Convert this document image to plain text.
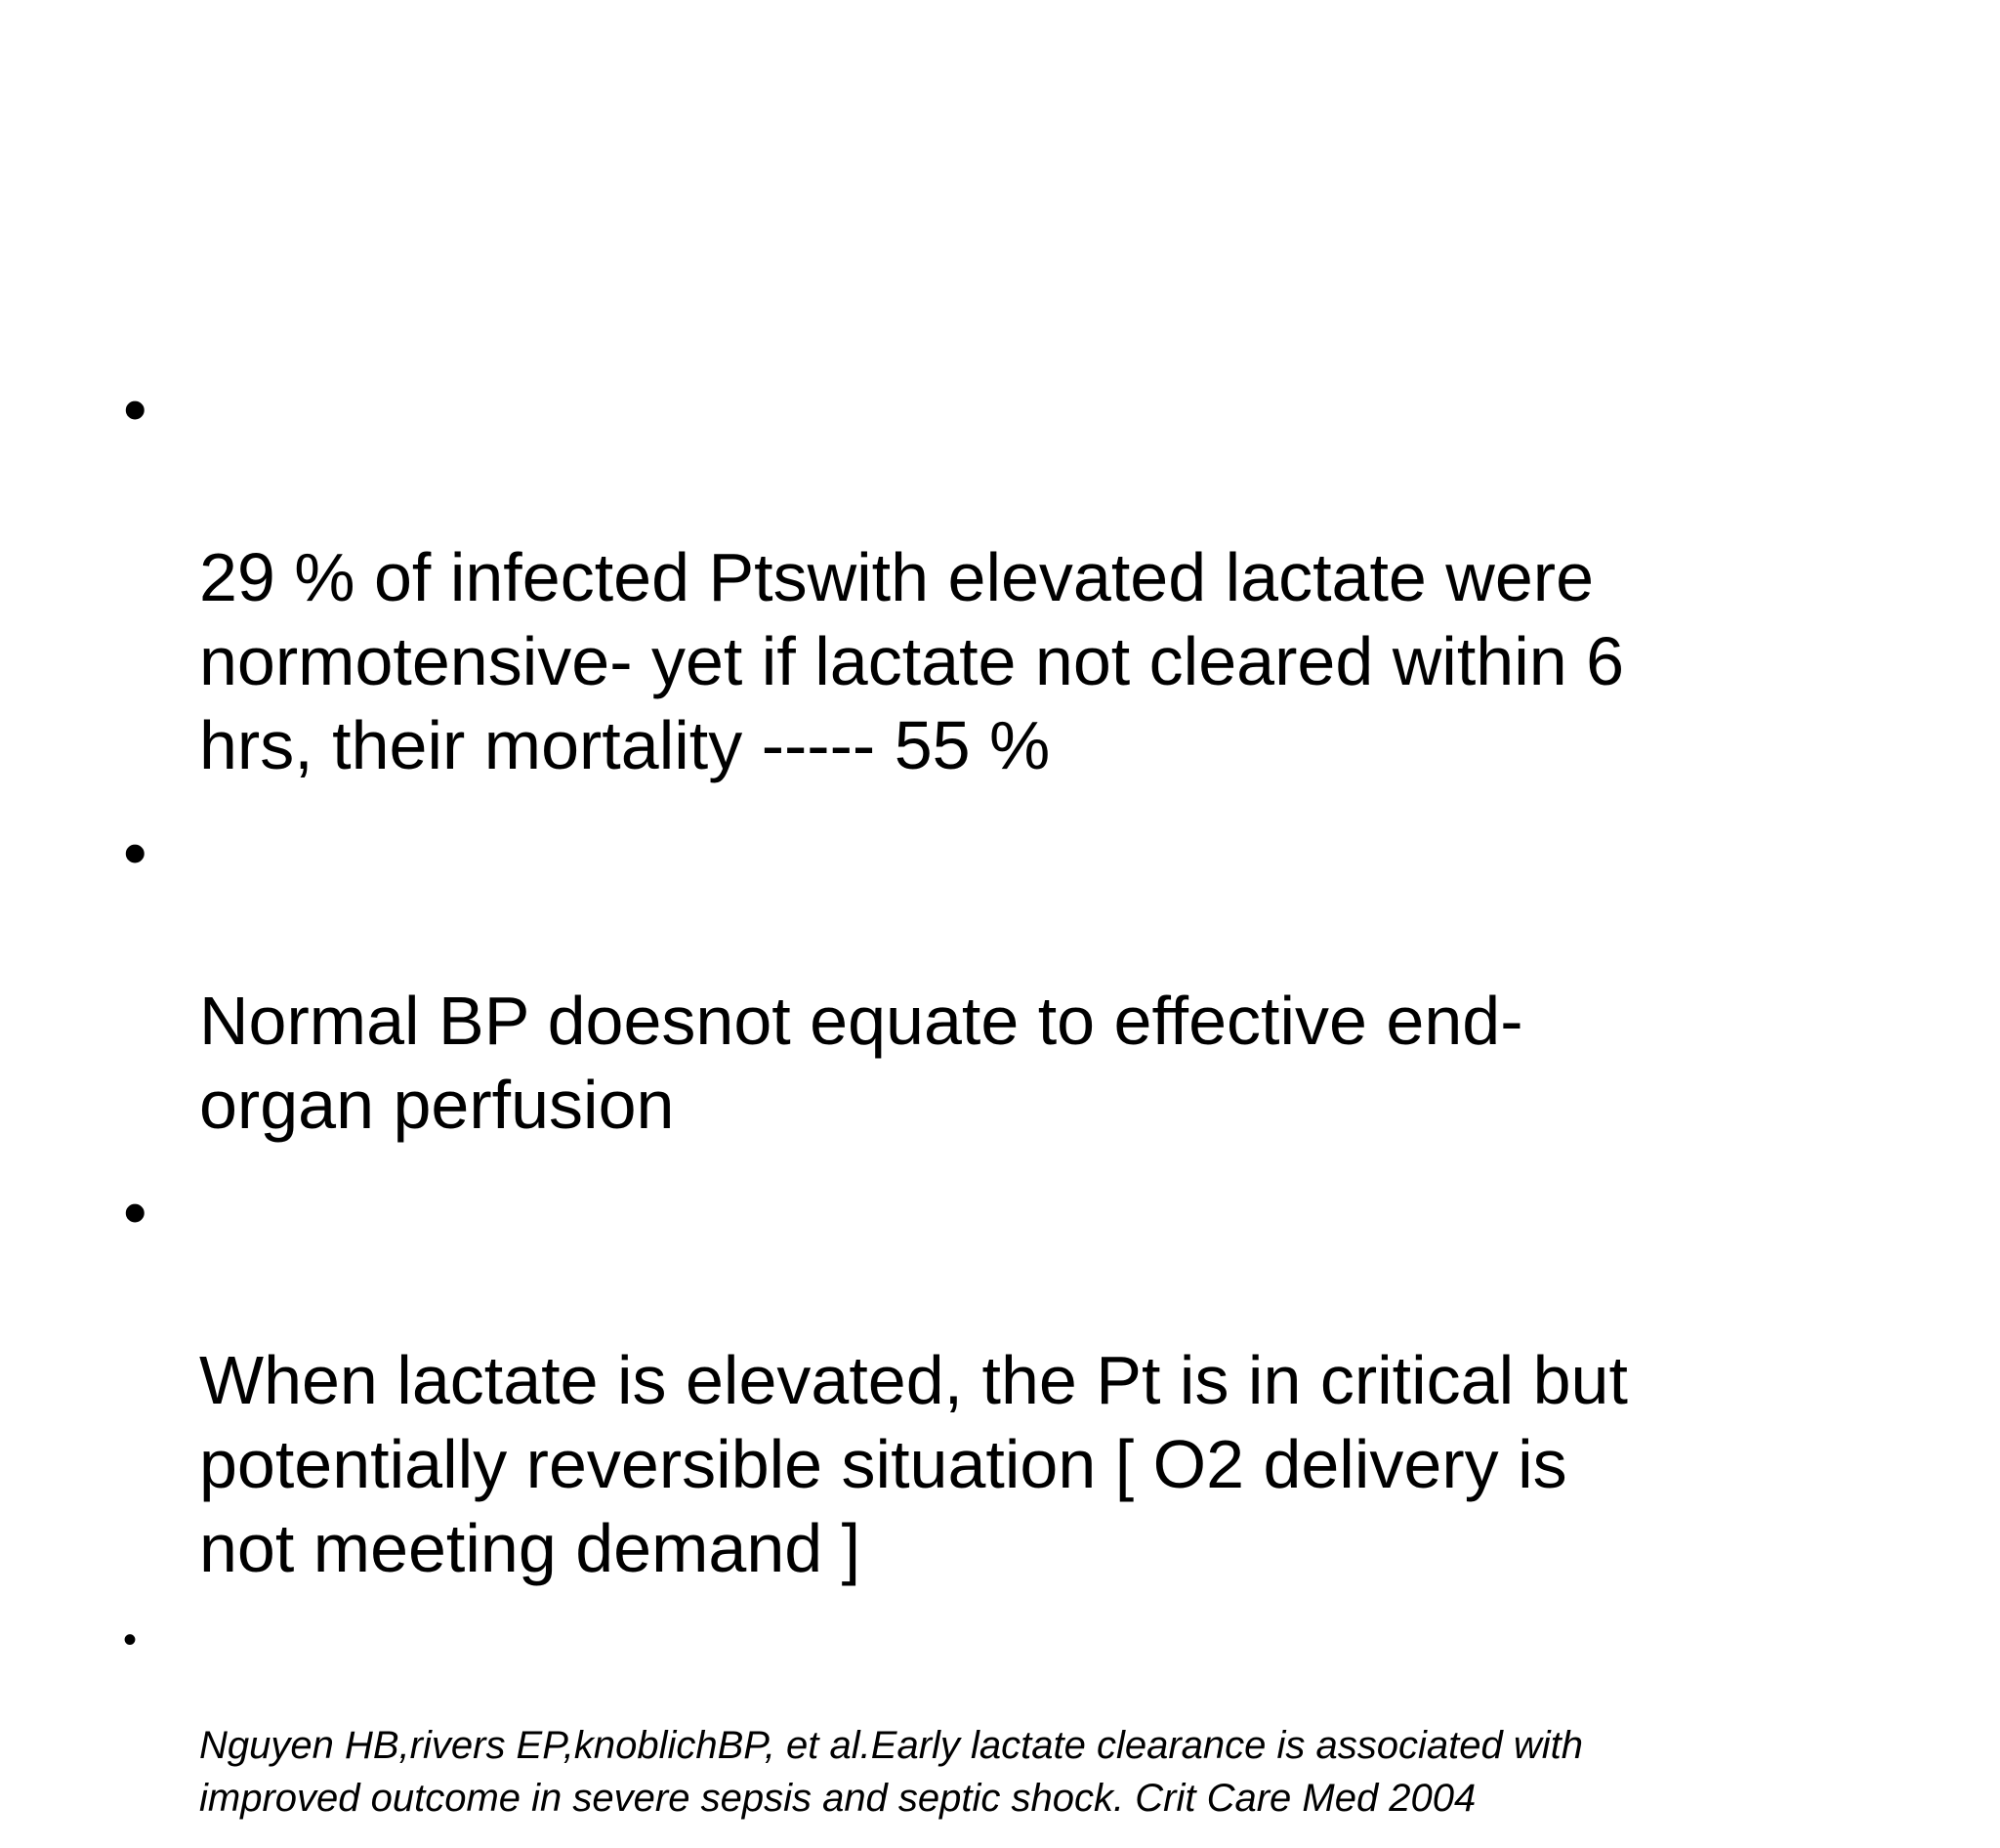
•

29 % of infected Ptswith elevated lactate were
normotensive- yet if lactate not cleared within 6
hrs, their mortality ----- 55 %

•

Normal BP doesnot equate to effective end-
organ perfusion

•

When lactate is elevated, the Pt is in critical but
potentially reversible situation [ O2 delivery is
not meeting demand ]

•

Nguyen HB,rivers EP,knoblichBP, et al.Early lactate clearance is associated with
improved outcome in severe sepsis and septic shock. Crit Care Med 2004
